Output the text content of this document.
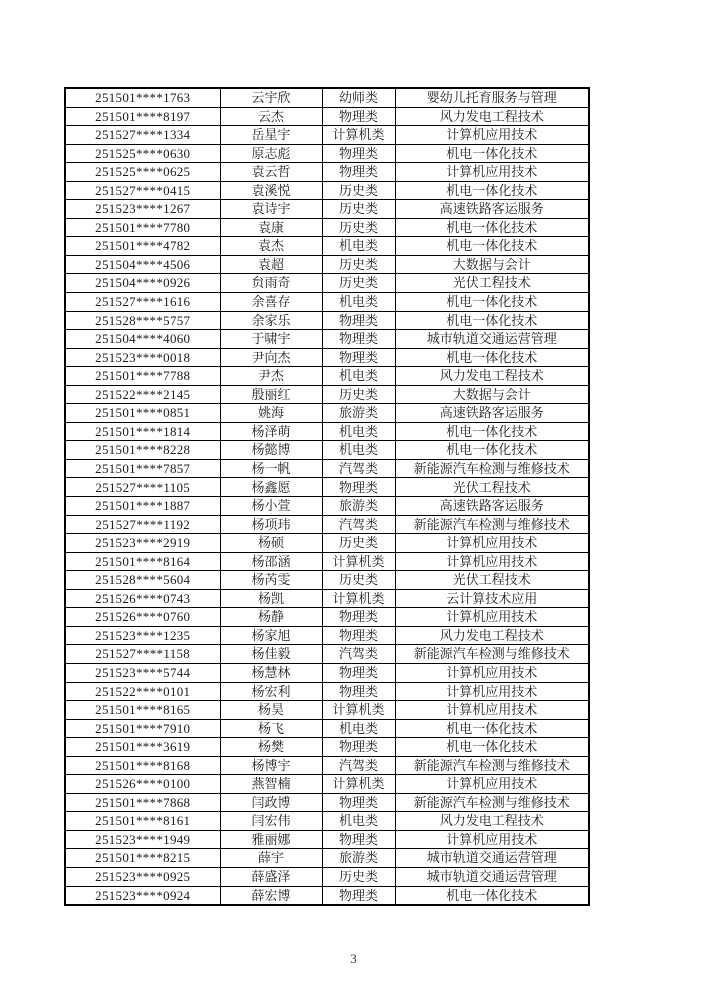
251501****1763	云宇欣	幼师类	婴幼儿托育服务与管理
251501****8197	云杰	物理类	风力发电工程技术
251527****1334	岳星宇	计算机类	计算机应用技术
251525****0630	原志彪	物理类	机电一体化技术
251525****0625	袁云哲	物理类	计算机应用技术
251527****0415	袁溪悦	历史类	机电一体化技术
251523****1267	袁诗宇	历史类	高速铁路客运服务
251501****7780	袁康	历史类	机电一体化技术
251501****4782	袁杰	机电类	机电一体化技术
251504****4506	袁超	历史类	大数据与会计
251504****0926	贠雨奇	历史类	光伏工程技术
251527****1616	余喜存	机电类	机电一体化技术
251528****5757	余家乐	物理类	机电一体化技术
251504****4060	于啸宇	物理类	城市轨道交通运营管理
251523****0018	尹向杰	物理类	机电一体化技术
251501****7788	尹杰	机电类	风力发电工程技术
251522****2145	殷丽红	历史类	大数据与会计
251501****0851	姚海	旅游类	高速铁路客运服务
251501****1814	杨泽萌	机电类	机电一体化技术
251501****8228	杨懿博	机电类	机电一体化技术
251501****7857	杨一帆	汽驾类	新能源汽车检测与维修技术
251527****1105	杨鑫愿	物理类	光伏工程技术
251501****1887	杨小萱	旅游类	高速铁路客运服务
251527****1192	杨项玮	汽驾类	新能源汽车检测与维修技术
251523****2919	杨硕	历史类	计算机应用技术
251501****8164	杨邵涵	计算机类	计算机应用技术
251528****5604	杨芮雯	历史类	光伏工程技术
251526****0743	杨凯	计算机类	云计算技术应用
251526****0760	杨静	物理类	计算机应用技术
251523****1235	杨家旭	物理类	风力发电工程技术
251527****1158	杨佳毅	汽驾类	新能源汽车检测与维修技术
251523****5744	杨慧林	物理类	计算机应用技术
251522****0101	杨宏利	物理类	计算机应用技术
251501****8165	杨昊	计算机类	计算机应用技术
251501****7910	杨飞	机电类	机电一体化技术
251501****3619	杨樊	物理类	机电一体化技术
251501****8168	杨博宇	汽驾类	新能源汽车检测与维修技术
251526****0100	燕智楠	计算机类	计算机应用技术
251501****7868	闫政博	物理类	新能源汽车检测与维修技术
251501****8161	闫宏伟	机电类	风力发电工程技术
251523****1949	雅丽娜	物理类	计算机应用技术
251501****8215	薛宇	旅游类	城市轨道交通运营管理
251523****0925	薛盛泽	历史类	城市轨道交通运营管理
251523****0924	薛宏博	物理类	机电一体化技术
3
